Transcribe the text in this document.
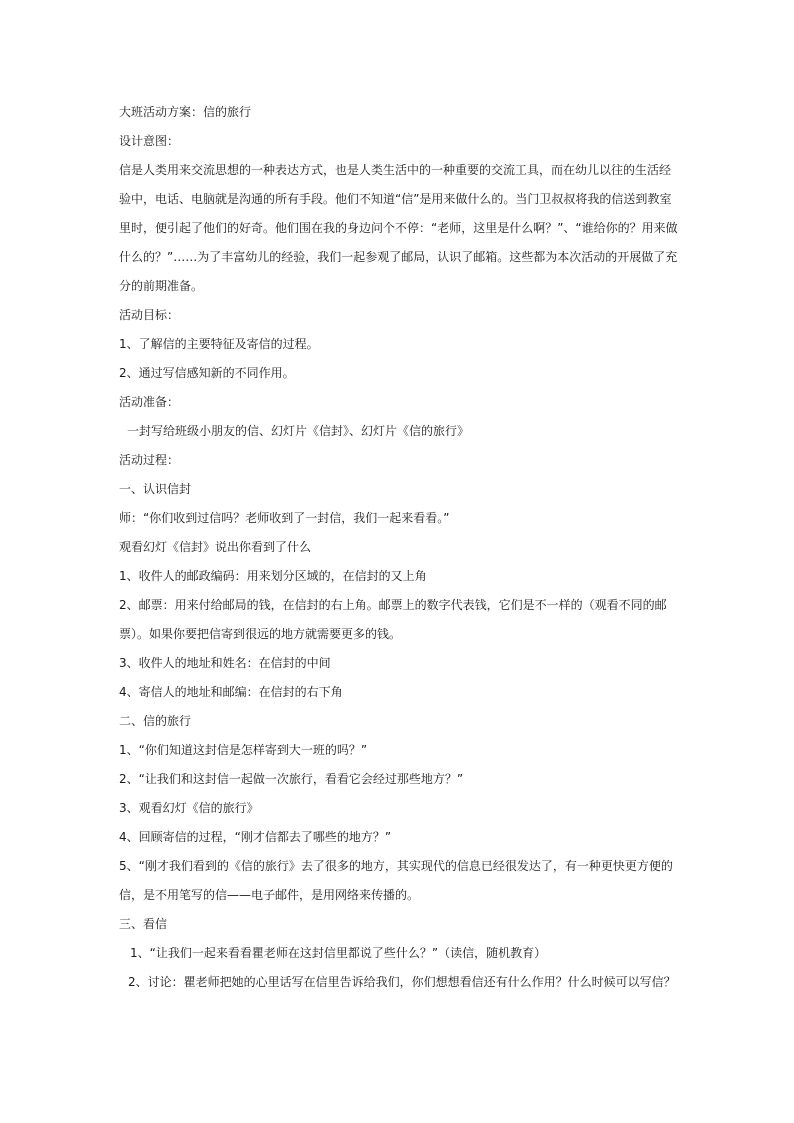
大班活动方案：信的旅行
设计意图：
信是人类用来交流思想的一种表达方式，也是人类生活中的一种重要的交流工具，而在幼儿以往的生活经
验中，电话、电脑就是沟通的所有手段。他们不知道“信”是用来做什么的。当门卫叔叔将我的信送到教室
里时，便引起了他们的好奇。他们围在我的身边问个不停：“老师，这里是什么啊？”、“谁给你的？用来做
什么的？”……为了丰富幼儿的经验，我们一起参观了邮局，认识了邮箱。这些都为本次活动的开展做了充
分的前期准备。
活动目标：
1、了解信的主要特征及寄信的过程。
2、通过写信感知新的不同作用。
活动准备：
一封写给班级小朋友的信、幻灯片《信封》、幻灯片《信的旅行》
活动过程：
一、认识信封
师：“你们收到过信吗？老师收到了一封信，我们一起来看看。”
观看幻灯《信封》说出你看到了什么
1、收件人的邮政编码：用来划分区域的，在信封的又上角
2、邮票：用来付给邮局的钱，在信封的右上角。邮票上的数字代表钱，它们是不一样的（观看不同的邮
票）。如果你要把信寄到很远的地方就需要更多的钱。
3、收件人的地址和姓名：在信封的中间
4、寄信人的地址和邮编：在信封的右下角
二、信的旅行
1、“你们知道这封信是怎样寄到大一班的吗？”
2、“让我们和这封信一起做一次旅行，看看它会经过那些地方？”
3、观看幻灯《信的旅行》
4、回顾寄信的过程，“刚才信都去了哪些的地方？”
5、“刚才我们看到的《信的旅行》去了很多的地方，其实现代的信息已经很发达了，有一种更快更方便的
信，是不用笔写的信——电子邮件，是用网络来传播的。
三、看信
1、“让我们一起来看看瞿老师在这封信里都说了些什么？”（读信，随机教育）
2、讨论：瞿老师把她的心里话写在信里告诉给我们，你们想想看信还有什么作用？什么时候可以写信？
